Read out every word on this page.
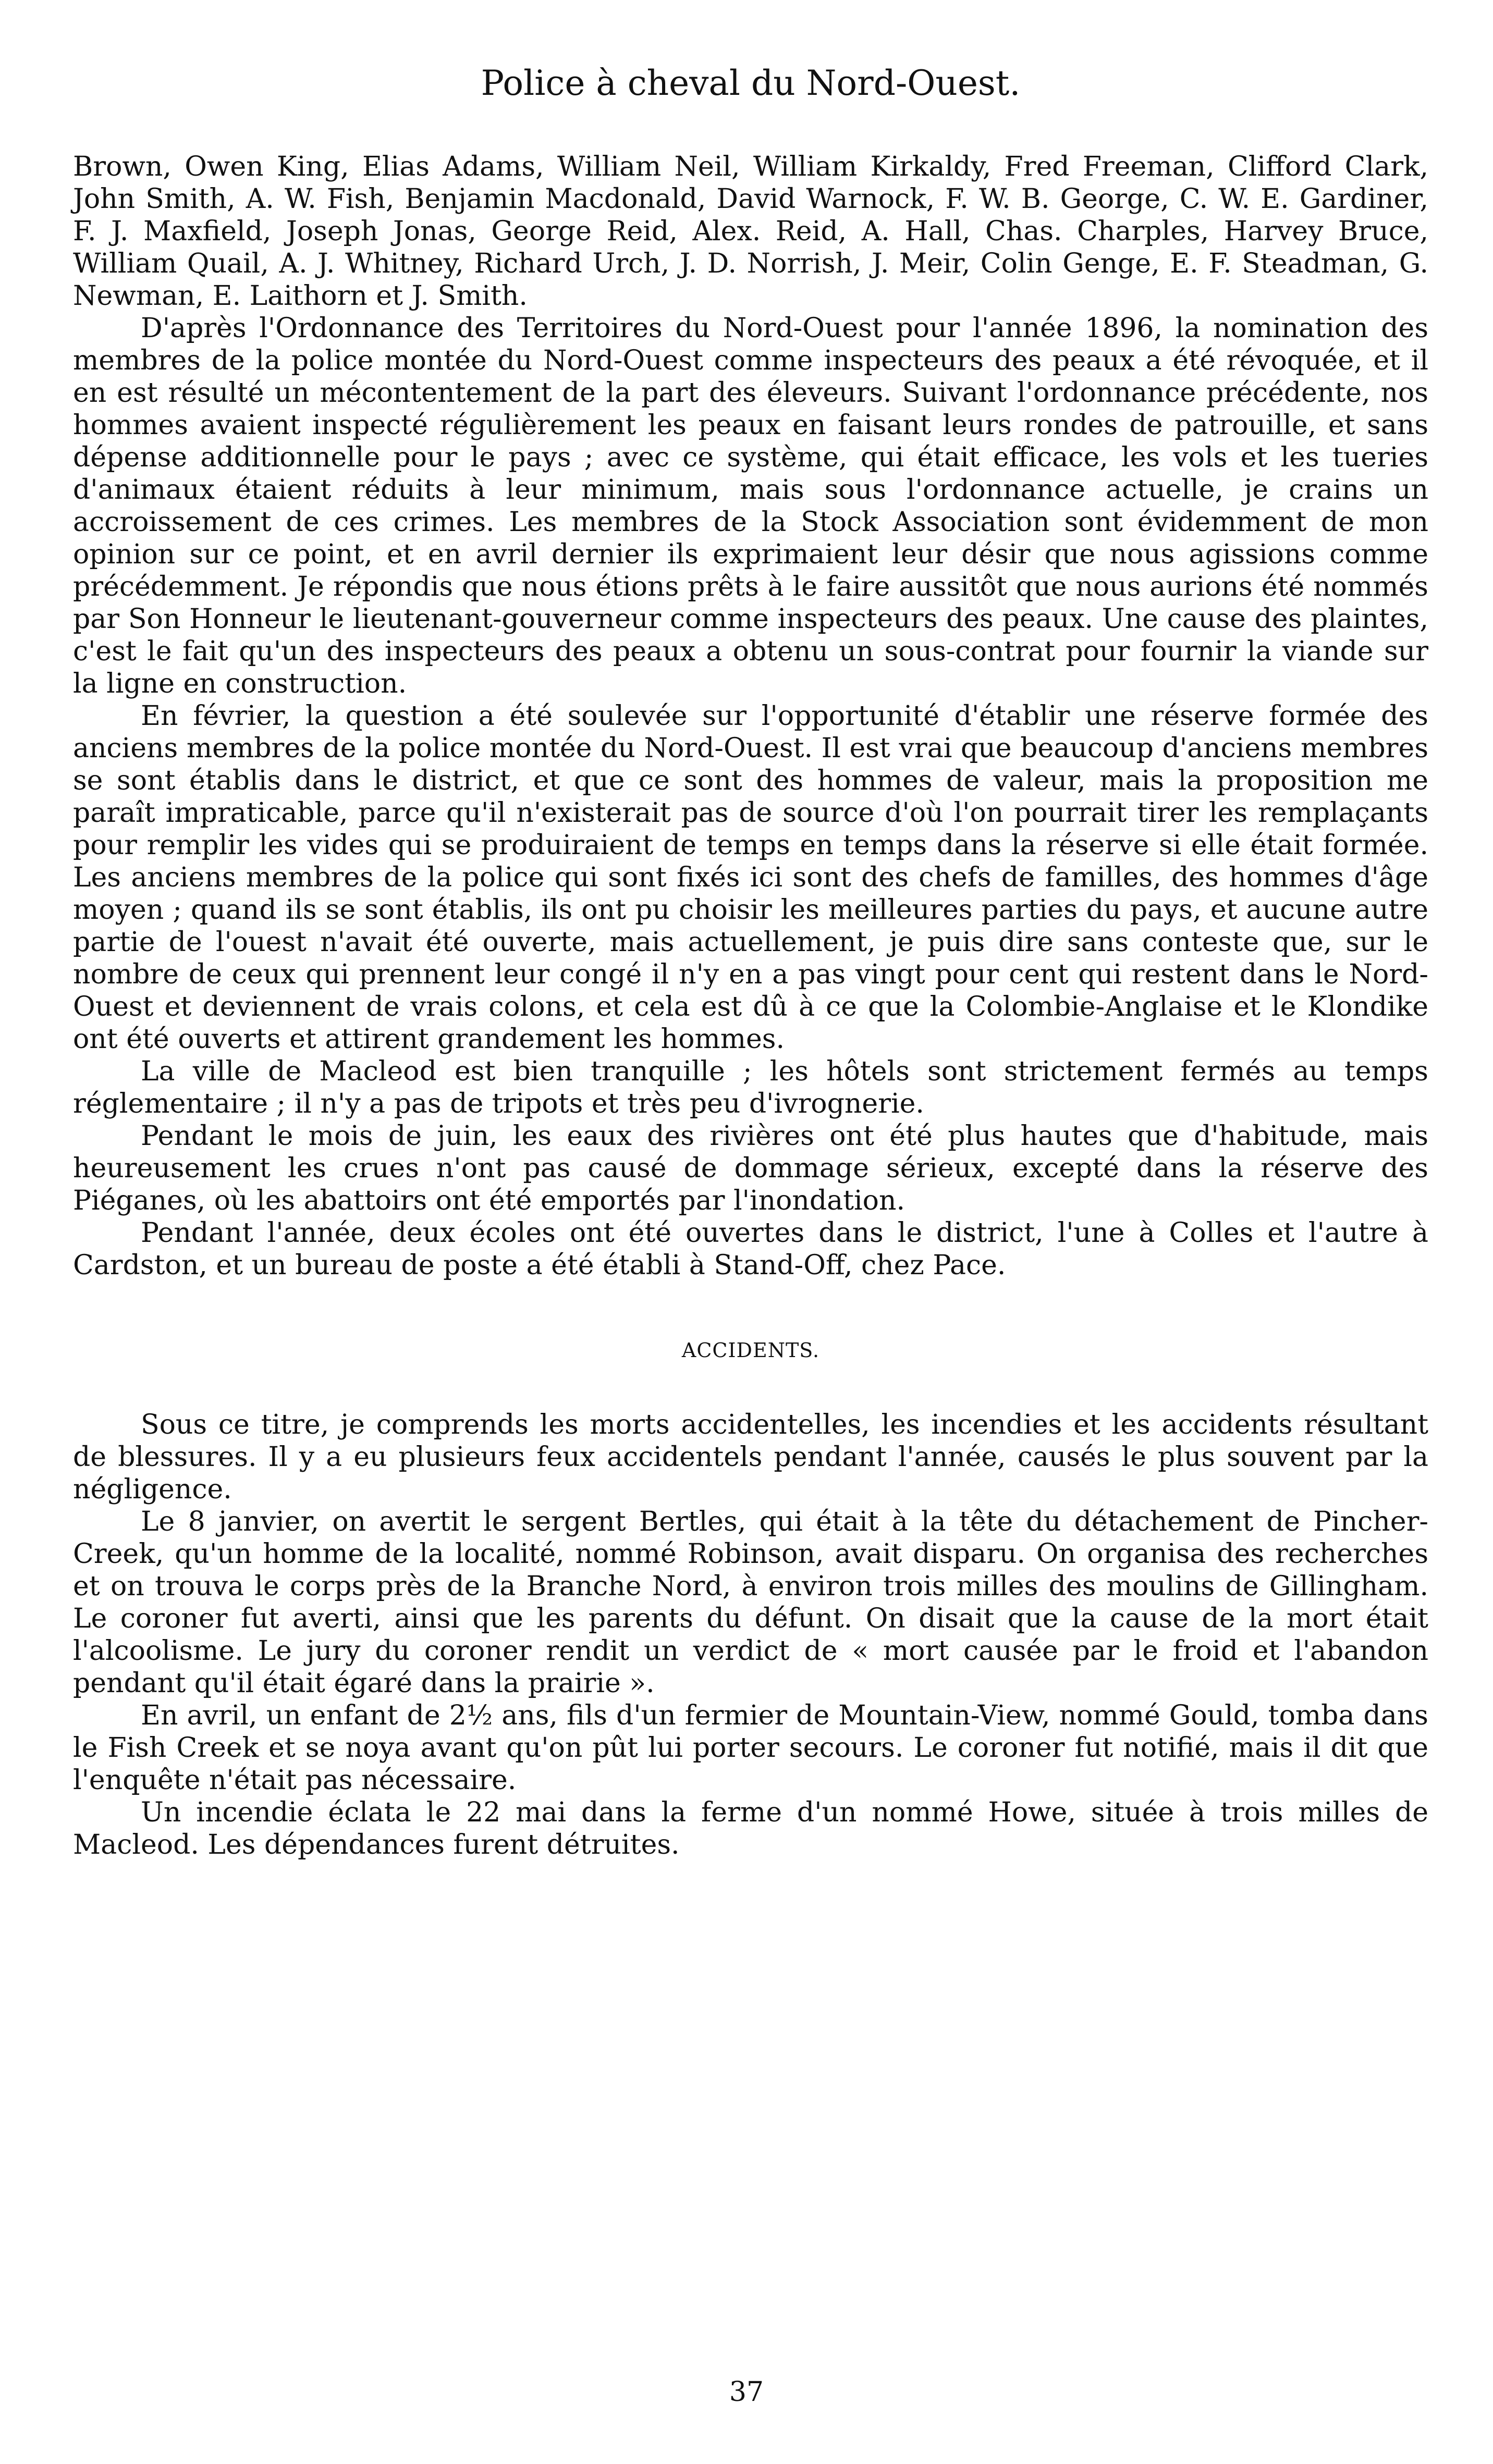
Police à cheval du Nord-Ouest.

Brown, Owen King, Elias Adams, William Neil, William Kirkaldy, Fred Freeman, Clifford Clark, John Smith, A. W. Fish, Benjamin Macdonald, David Warnock, F. W. B. George, C. W. E. Gardiner, F. J. Maxfield, Joseph Jonas, George Reid, Alex. Reid, A. Hall, Chas. Charples, Harvey Bruce, William Quail, A. J. Whitney, Richard Urch, J. D. Norrish, J. Meir, Colin Genge, E. F. Steadman, G. Newman, E. Laithorn et J. Smith.

D'après l'Ordonnance des Territoires du Nord-Ouest pour l'année 1896, la nomination des membres de la police montée du Nord-Ouest comme inspecteurs des peaux a été révoquée, et il en est résulté un mécontentement de la part des éleveurs. Suivant l'ordonnance précédente, nos hommes avaient inspecté régulièrement les peaux en faisant leurs rondes de patrouille, et sans dépense additionnelle pour le pays ; avec ce système, qui était efficace, les vols et les tueries d'animaux étaient réduits à leur minimum, mais sous l'ordonnance actuelle, je crains un accroissement de ces crimes. Les membres de la Stock Association sont évidemment de mon opinion sur ce point, et en avril dernier ils exprimaient leur désir que nous agissions comme précédemment. Je répondis que nous étions prêts à le faire aussitôt que nous aurions été nommés par Son Honneur le lieutenant-gouverneur comme inspecteurs des peaux. Une cause des plaintes, c'est le fait qu'un des inspecteurs des peaux a obtenu un sous-contrat pour fournir la viande sur la ligne en construction.

En février, la question a été soulevée sur l'opportunité d'établir une réserve formée des anciens membres de la police montée du Nord-Ouest. Il est vrai que beaucoup d'anciens membres se sont établis dans le district, et que ce sont des hommes de valeur, mais la proposition me paraît impraticable, parce qu'il n'existerait pas de source d'où l'on pourrait tirer les remplaçants pour remplir les vides qui se produiraient de temps en temps dans la réserve si elle était formée. Les anciens membres de la police qui sont fixés ici sont des chefs de familles, des hommes d'âge moyen ; quand ils se sont établis, ils ont pu choisir les meilleures parties du pays, et aucune autre partie de l'ouest n'avait été ouverte, mais actuellement, je puis dire sans conteste que, sur le nombre de ceux qui prennent leur congé il n'y en a pas vingt pour cent qui restent dans le Nord-Ouest et deviennent de vrais colons, et cela est dû à ce que la Colombie-Anglaise et le Klondike ont été ouverts et attirent grandement les hommes.

La ville de Macleod est bien tranquille ; les hôtels sont strictement fermés au temps réglementaire ; il n'y a pas de tripots et très peu d'ivrognerie.

Pendant le mois de juin, les eaux des rivières ont été plus hautes que d'habitude, mais heureusement les crues n'ont pas causé de dommage sérieux, excepté dans la réserve des Piéganes, où les abattoirs ont été emportés par l'inondation.

Pendant l'année, deux écoles ont été ouvertes dans le district, l'une à Colles et l'autre à Cardston, et un bureau de poste a été établi à Stand-Off, chez Pace.

ACCIDENTS.

Sous ce titre, je comprends les morts accidentelles, les incendies et les accidents résultant de blessures. Il y a eu plusieurs feux accidentels pendant l'année, causés le plus souvent par la négligence.

Le 8 janvier, on avertit le sergent Bertles, qui était à la tête du détachement de Pincher-Creek, qu'un homme de la localité, nommé Robinson, avait disparu. On organisa des recherches et on trouva le corps près de la Branche Nord, à environ trois milles des moulins de Gillingham. Le coroner fut averti, ainsi que les parents du défunt. On disait que la cause de la mort était l'alcoolisme. Le jury du coroner rendit un verdict de « mort causée par le froid et l'abandon pendant qu'il était égaré dans la prairie ».

En avril, un enfant de 2½ ans, fils d'un fermier de Mountain-View, nommé Gould, tomba dans le Fish Creek et se noya avant qu'on pût lui porter secours. Le coroner fut notifié, mais il dit que l'enquête n'était pas nécessaire.

Un incendie éclata le 22 mai dans la ferme d'un nommé Howe, située à trois milles de Macleod. Les dépendances furent détruites.

37
